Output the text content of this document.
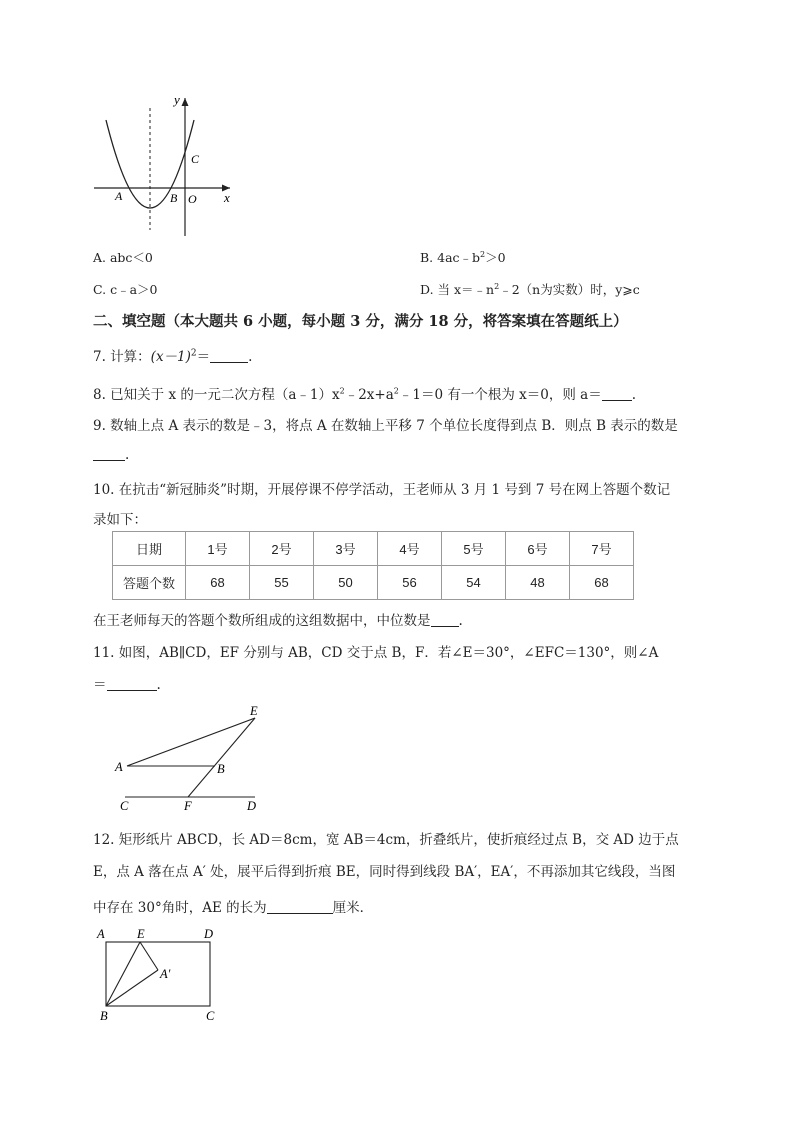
y
x
A	B
C
O
A. abc＜0	B. $4ac﹣b^2>0$
C. c﹣a＞0	D. 当 $x=﹣n^2﹣2(n$为实数）时，y⩾c
二、填空题（本大题共 6 小题，每小题 3 分，满分 18 分，将答案填在答题纸上）
7. 计算：$(x-1)^2=$	.
8. 已知关于 x 的一元二次方程$(a﹣1)x^2﹣2x+a^2﹣1=0$ 有一个根为 x＝0，则 a＝ .
9. 数轴上点 A 表示的数是﹣3，将点 A 在数轴上平移 7 个单位长度得到点 B．则点 B 表示的数是
.
10. 在抗击“新冠肺炎”时期，开展停课不停学活动，王老师从 3 月 1 号到 7 号在网上答题个数记
录如下：
日期	1号	2号	3号	4号	5号	6号	7号
答题个数	68	55	50	56	54	48	68
在王老师每天的答题个数所组成的这组数据中，中位数是 .
11. 如图，AB∥CD，EF 分别与 AB，CD 交于点 B，F．若∠E＝30°，∠EFC＝130°，则∠A
＝	.
A	B
C	D
E
F
12. 矩形纸片 ABCD，长 AD＝8cm，宽 AB＝4cm，折叠纸片，使折痕经过点 B，交 AD 边于点
E，点 A 落在点 A′ 处，展平后得到折痕 BE，同时得到线段 BA′，EA′，不再添加其它线段，当图
中存在 30°角时，AE 的长为	厘米．
A	E	D
A′
B	C
